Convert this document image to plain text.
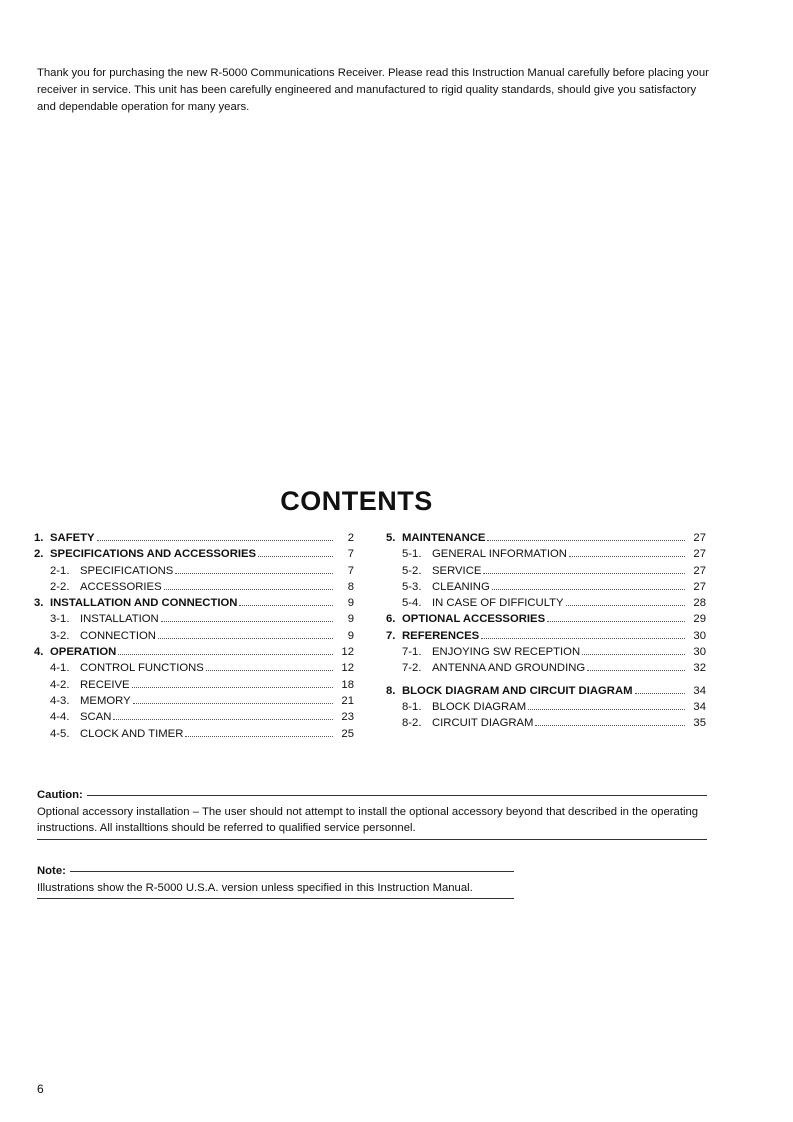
Thank you for purchasing the new R-5000 Communications Receiver. Please read this Instruction Manual carefully before placing your receiver in service. This unit has been carefully engineered and manufactured to rigid quality standards, should give you satisfactory and dependable operation for many years.
CONTENTS
1. SAFETY	2
2. SPECIFICATIONS AND ACCESSORIES	7
2-1. SPECIFICATIONS	7
2-2. ACCESSORIES	8
3. INSTALLATION AND CONNECTION	9
3-1. INSTALLATION	9
3-2. CONNECTION	9
4. OPERATION	12
4-1. CONTROL FUNCTIONS	12
4-2. RECEIVE	18
4-3. MEMORY	21
4-4. SCAN	23
4-5. CLOCK AND TIMER	25
5. MAINTENANCE	27
5-1. GENERAL INFORMATION	27
5-2. SERVICE	27
5-3. CLEANING	27
5-4. IN CASE OF DIFFICULTY	28
6. OPTIONAL ACCESSORIES	29
7. REFERENCES	30
7-1. ENJOYING SW RECEPTION	30
7-2. ANTENNA AND GROUNDING	32
8. BLOCK DIAGRAM AND CIRCUIT DIAGRAM	34
8-1. BLOCK DIAGRAM	34
8-2. CIRCUIT DIAGRAM	35
Caution:
Optional accessory installation – The user should not attempt to install the optional accessory beyond that described in the operating instructions. All installtions should be referred to qualified service personnel.
Note:
Illustrations show the R-5000 U.S.A. version unless specified in this Instruction Manual.
6
